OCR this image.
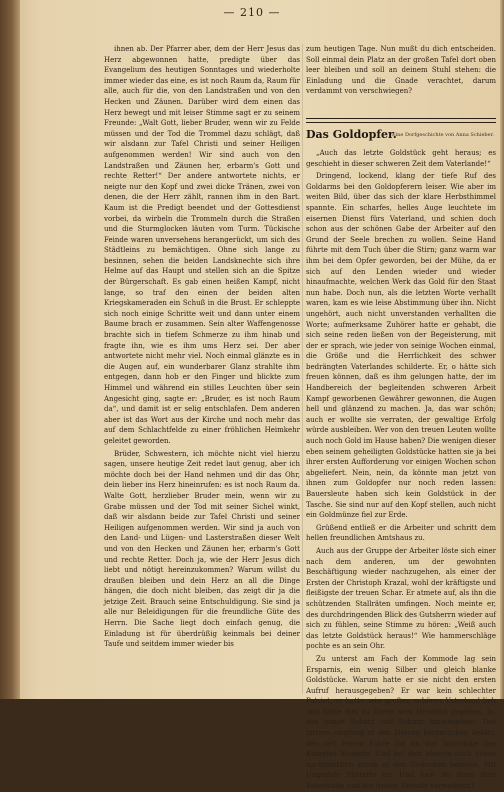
— 210 —

ihnen ab. Der Pfarrer aber, dem der Herr Jesus das Herz abgewonnen hatte, predigte über das Evangelium des heutigen Sonntages und wiederholte immer wieder das eine, es ist noch Raum da, Raum für alle, auch für die, von den Landstraßen und von den Hecken und Zäunen. Darüber wird dem einen das Herz bewegt und mit leiser Stimme sagt er zu seinem Freunde: „Walt Gott, lieber Bruder, wenn wir zu Felde müssen und der Tod die Trommel dazu schlägt, daß wir alsdann zur Tafel Christi und seiner Heiligen aufgenommen werden! Wir sind auch von den Landstraßen und Zäunen her, erbarm's Gott und rechte Retter!“ Der andere antwortete nichts, er neigte nur den Kopf und zwei dicke Tränen, zwei von denen, die der Herr zählt, rannen ihm in den Bart. Kaum ist die Predigt beendet und der Gottesdienst vorbei, da wirbeln die Trommeln durch die Straßen und die Sturmglocken läuten vom Turm. Tückische Feinde waren unversehens herangerückt, um sich des Städtleins zu bemächtigen. Ohne sich lange zu besinnen, sehen die beiden Landsknechte sich ihre Helme auf das Haupt und stellen sich an die Spitze der Bürgerschaft. Es gab einen heißen Kampf, nicht lange, so traf den einen der beiden alten Kriegskameraden ein Schuß in die Brust. Er schleppte sich noch einige Schritte weit und dann unter einem Baume brach er zusammen. Sein alter Waffengenosse brachte sich in tiefem Schmerze zu ihm hinab und fragte ihn, wie es ihm ums Herz sei. Der aber antwortete nicht mehr viel. Noch einmal glänzte es in die Augen auf, ein wunderbarer Glanz strahlte ihm entgegen, dann hob er den Finger und blickte zum Himmel und während ein stilles Leuchten über sein Angesicht ging, sagte er: „Bruder, es ist noch Raum da“, und damit ist er selig entschlafen. Dem anderen aber ist das Wort aus der Kirche und noch mehr das auf dem Schlachtfelde zu einer fröhlichen Heimkehr geleitet geworden.

Brüder, Schwestern, ich möchte nicht viel hierzu sagen, unsere heutige Zeit redet laut genug, aber ich möchte doch bei der Hand nehmen und dir das Ohr, dein lieber ins Herz hineinrufen: es ist noch Raum da. Walte Gott, herzlieber Bruder mein, wenn wir zu Grabe müssen und der Tod mit seiner Sichel winkt, daß wir alsdann beide zur Tafel Christi und seiner Heiligen aufgenommen werden. Wir sind ja auch von den Land- und Lügen- und Lasterstraßen dieser Welt und von den Hecken und Zäunen her, erbarm's Gott und rechte Retter. Doch ja, wie der Herr Jesus dich liebt und nötigt hereinzukommen? Warum willst du draußen bleiben und dein Herz an all die Dinge hängen, die doch nicht bleiben, das zeigt dir ja die jetzige Zeit. Brauch seine Entschuldigung. Sie sind ja alle nur Beleidigungen für die freundliche Güte des Herrn. Die Sache liegt doch einfach genug, die Einladung ist für überdrüßig keinmals bei deiner Taufe und seitdem immer wieder bis

zum heutigen Tage. Nun mußt du dich entscheiden. Soll einmal dein Platz an der großen Tafel dort oben leer bleiben und soll an deinem Stuhl stehen: die Einladung und die Gnade verachtet, darum verdammt von verschwiegen?

Das Goldopfer.
Eine Dorfgeschichte von Anna Schieber.

„Auch das letzte Goldstück geht heraus; es geschieht in dieser schweren Zeit dem Vaterlande!“

Dringend, lockend, klang der tiefe Ruf des Goldarms bei den Goldopferern leiser. Wie aber im weiten Bild, über das sich der klare Herbsthimmel spannte. Ein scharfes, helles Auge leuchtete im eisernen Dienst fürs Vaterland, und schien doch schon aus der schönen Gabe der Arbeiter auf den Grund der Seele brechen zu wollen. Seine Hand führte mit dem Tuch über die Stirn; ganz warm war ihm bei dem Opfer geworden, bei der Mühe, da er sich auf den Lenden wieder und wieder hinaufmachte, welchen Werk das Gold für den Staat nun habe. Doch nun, als die letzten Worte verhallt waren, kam es wie leise Abstimmung über ihn. Nicht ungehört, auch nicht unverstanden verhallten die Worte; aufmerksame Zuhörer hatte er gehabt, die sich seine reden ließen von der Begeisterung, mit der er sprach, wie jeder von seinige Wochen einmal, die Größe und die Herrlichkeit des schwer bedrängten Vaterlandes schilderte. Er, o hätte sich freuen können, daß es ihm gelungen hatte, der im Handbereich der begleitenden schweren Arbeit Kampf geworbenen Gewährer gewonnen, die Augen hell und glänzend zu machen. Ja, das war schön; auch er wollte sie verraten, der gewaltige Erfolg würde ausbleiben. Wer von den treuen Leuten wollte auch noch Gold im Hause haben? Die wenigen dieser eben seinem geheiligten Goldstücke hatten sie ja bei ihrer ersten Aufforderung vor einigen Wochen schon abgeliefert. Nein, nein, da könnte man jetzt von ihnen zum Goldopfer nur noch reden lassen: Bauersleute haben sich kein Goldstück in der Tasche. Sie sind nur auf den Kopf stellen, auch nicht ein Goldmünze fiel zur Erde.

Grüßend entließ er die Arbeiter und schritt dem hellen freundlichen Amtshaus zu.

Auch aus der Gruppe der Arbeiter löste sich einer nach dem anderen, um der gewohnten Beschäftigung wieder nachzugehen, als einer der Ersten der Christoph Krazal, wohl der kräftigste und fleißigste der treuen Schar. Er atmete auf, als ihn die schützenden Stallräten umfingen. Noch meinte er, des durchdringenden Blick des Gutsherrn wieder auf sich zu fühlen, seine Stimme zu hören: „Weiß auch das letzte Goldstück heraus!“ Wie hammerschläge pochte es an sein Ohr.

Zu unterst am Fach der Kommode lag sein Ersparnis, ein wenig Silber und gleich blanke Goldstücke. Warum hatte er sie nicht den ersten Aufruf herausgegeben? Er war kein schlechter Patriot, er hatte sein großes, schönes Vaterland lieb und hätte ihm zu Ehren sein Herzblut gegeben. Ja, das ganze Schatz und Schirm hinausgeben. Das bittere empfand er den kleinen körperlichen Fehler, den seit einem Fahre ihn an der Teilnahme des Kampfes hinderte. Und bei dem kleinen doch etwas nachdenklich schob er den Gedanken beiseite. Mit Ungedule flüsterte es: Und hast du denn dein Vaterlande und die treuen Dienste verweigern?
